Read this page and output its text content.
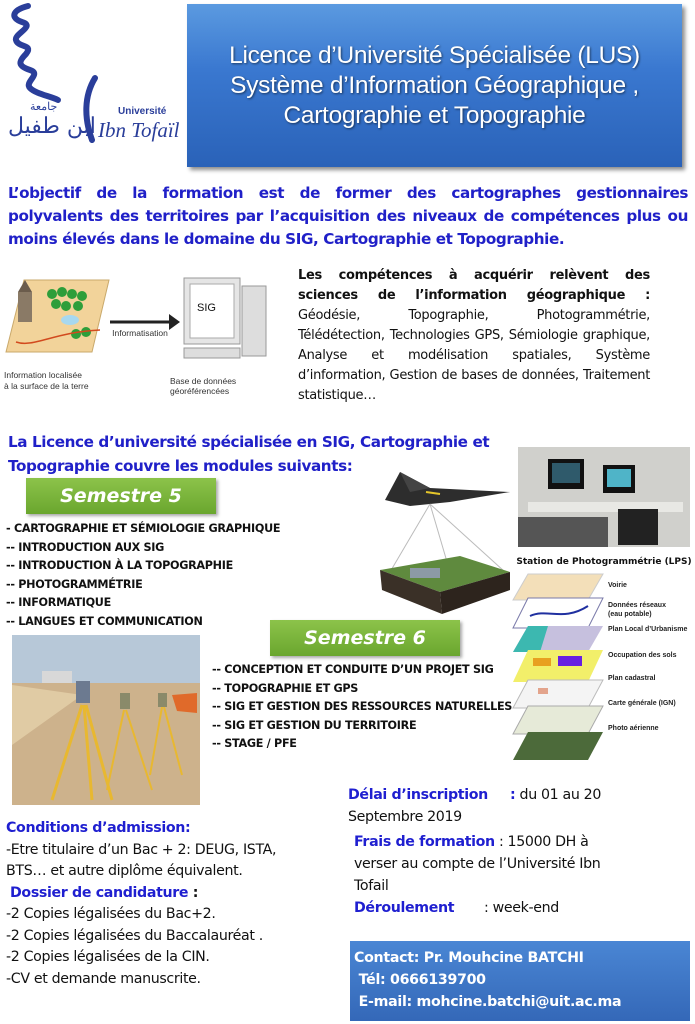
جامعة
ابن طفيل
Université
Ibn Tofaïl
Licence d’Université Spécialisée (LUS)
Système d’Information Géographique ,
Cartographie et Topographie
L’objectif de la formation est de former des cartographes gestionnaires polyvalents des territoires par l’acquisition des niveaux de compétences plus ou moins élevés dans le domaine du SIG, Cartographie et Topographie.
SIG
Informatisation
Information localisée
à la surface de la terre	Base de données géoréférencées
Les compétences à acquérir relèvent des sciences de l’information géographique : Géodésie, Topographie, Photogrammétrie, Télédétection, Technologies GPS, Sémiologie graphique, Analyse et modélisation spatiales, Système d’information, Gestion de bases de données, Traitement statistique…
La Licence d’université spécialisée en SIG, Cartographie et Topographie couvre les modules suivants:
Semestre 5
- CARTOGRAPHIE ET SÉMIOLOGIE GRAPHIQUE
-- INTRODUCTION AUX SIG
-- INTRODUCTION À LA TOPOGRAPHIE
-- PHOTOGRAMMÉTRIE
-- INFORMATIQUE
-- LANGUES ET COMMUNICATION
Station de Photogrammétrie (LPS)
Voirie
Données réseaux
(eau potable)
Plan Local d’Urbanisme
Occupation des sols
Plan cadastral
Carte générale (IGN)
Photo aérienne
Semestre 6
-- CONCEPTION ET CONDUITE D’UN PROJET SIG
-- TOPOGRAPHIE ET GPS
-- SIG ET GESTION DES RESSOURCES NATURELLES
-- SIG ET GESTION DU TERRITOIRE
-- STAGE / PFE
Délai d’inscription : du 01 au 20
Septembre 2019
Frais de formation : 15000 DH à
verser au compte de l’Université Ibn
Tofail
Déroulement : week-end
Conditions d’admission:
-Etre titulaire d’un Bac + 2: DEUG, ISTA,
BTS… et autre diplôme équivalent.
Dossier de candidature :
-2 Copies légalisées du Bac+2.
-2 Copies légalisées du Baccalauréat .
-2 Copies légalisées de la CIN.
-CV et demande manuscrite.
Contact: Pr. Mouhcine BATCHI
Tél: 0666139700
E-mail: mohcine.batchi@uit.ac.ma
